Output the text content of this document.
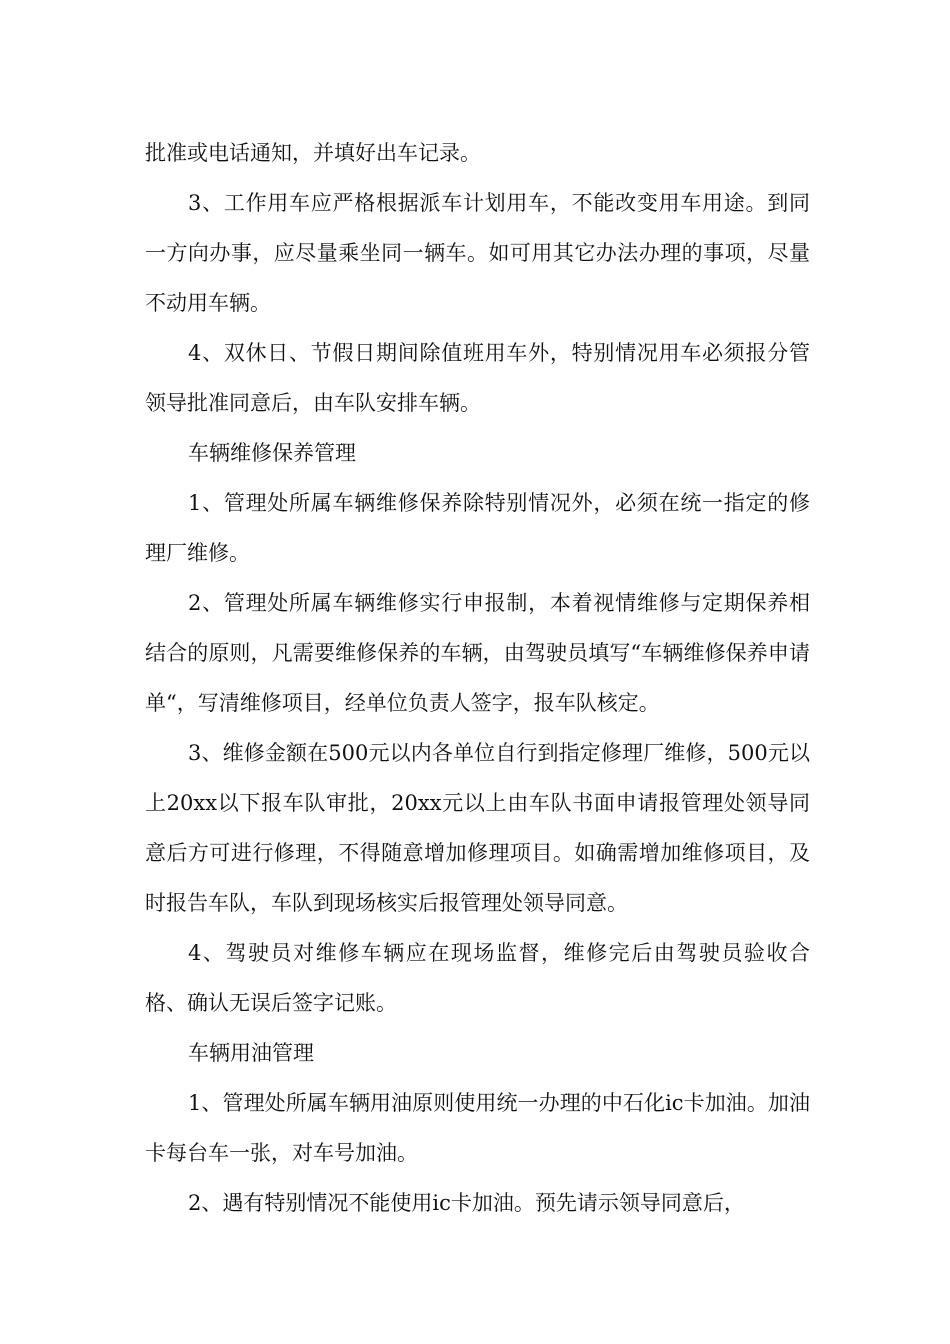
批准或电话通知，并填好出车记录。

3、工作用车应严格根据派车计划用车，不能改变用车用途。到同一方向办事，应尽量乘坐同一辆车。如可用其它办法办理的事项，尽量不动用车辆。

4、双休日、节假日期间除值班用车外，特别情况用车必须报分管领导批准同意后，由车队安排车辆。

车辆维修保养管理

1、管理处所属车辆维修保养除特别情况外，必须在统一指定的修理厂维修。

2、管理处所属车辆维修实行申报制，本着视情维修与定期保养相结合的原则，凡需要维修保养的车辆，由驾驶员填写“车辆维修保养申请单“，写清维修项目，经单位负责人签字，报车队核定。

3、维修金额在500元以内各单位自行到指定修理厂维修，500元以上20xx以下报车队审批，20xx元以上由车队书面申请报管理处领导同意后方可进行修理，不得随意增加修理项目。如确需增加维修项目，及时报告车队，车队到现场核实后报管理处领导同意。

4、驾驶员对维修车辆应在现场监督，维修完后由驾驶员验收合格、确认无误后签字记账。

车辆用油管理

1、管理处所属车辆用油原则使用统一办理的中石化ic卡加油。加油卡每台车一张，对车号加油。

2、遇有特别情况不能使用ic卡加油。预先请示领导同意后，
